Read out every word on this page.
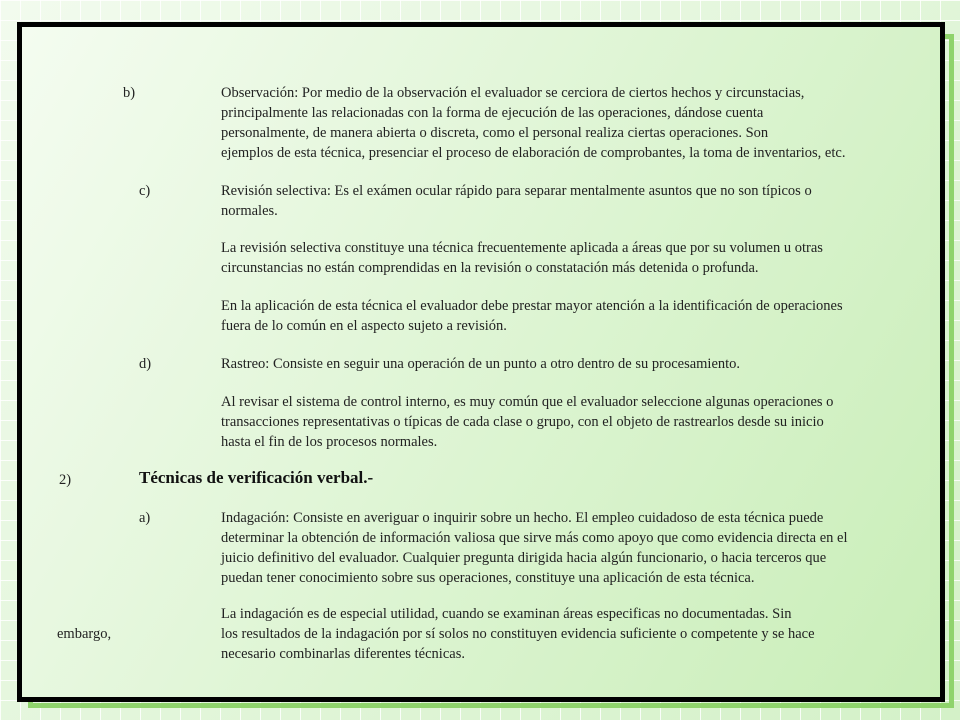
b)	Observación: Por medio de la observación el evaluador se cerciora de ciertos hechos y circunstacias,
principalmente las relacionadas con la forma de ejecución de las operaciones, dándose cuenta
personalmente, de manera abierta o discreta, como el personal realiza ciertas operaciones. Son
ejemplos de esta técnica, presenciar el proceso de elaboración de comprobantes, la toma de inventarios, etc.
c)	Revisión selectiva: Es el exámen ocular rápido para separar mentalmente asuntos que no son típicos o
normales.
La revisión selectiva constituye una técnica frecuentemente aplicada a áreas que por su volumen u otras
circunstancias no están comprendidas en la revisión o constatación más detenida o profunda.
En la aplicación de esta técnica el evaluador debe prestar mayor atención a la identificación de operaciones
fuera de lo común en el aspecto sujeto a revisión.
d)	Rastreo: Consiste en seguir una operación de un punto a otro dentro de su procesamiento.
Al revisar el sistema de control interno, es muy común que el evaluador seleccione algunas operaciones o
transacciones representativas o típicas de cada clase o grupo, con el objeto de rastrearlos desde su inicio
hasta el fin de los procesos normales.
2)	Técnicas de verificación verbal.-
a)	Indagación: Consiste en averiguar o inquirir sobre un hecho. El empleo cuidadoso de esta técnica puede
determinar la obtención de información valiosa que sirve más como apoyo que como evidencia directa en el
juicio definitivo del evaluador. Cualquier pregunta dirigida hacia algún funcionario, o hacia terceros que
puedan tener conocimiento sobre sus operaciones, constituye una aplicación de esta técnica.
La indagación es de especial utilidad, cuando se examinan áreas especificas no documentadas. Sin
embargo,	los resultados de la indagación por sí solos no constituyen evidencia suficiente o competente y se hace
necesario combinarlas diferentes técnicas.
